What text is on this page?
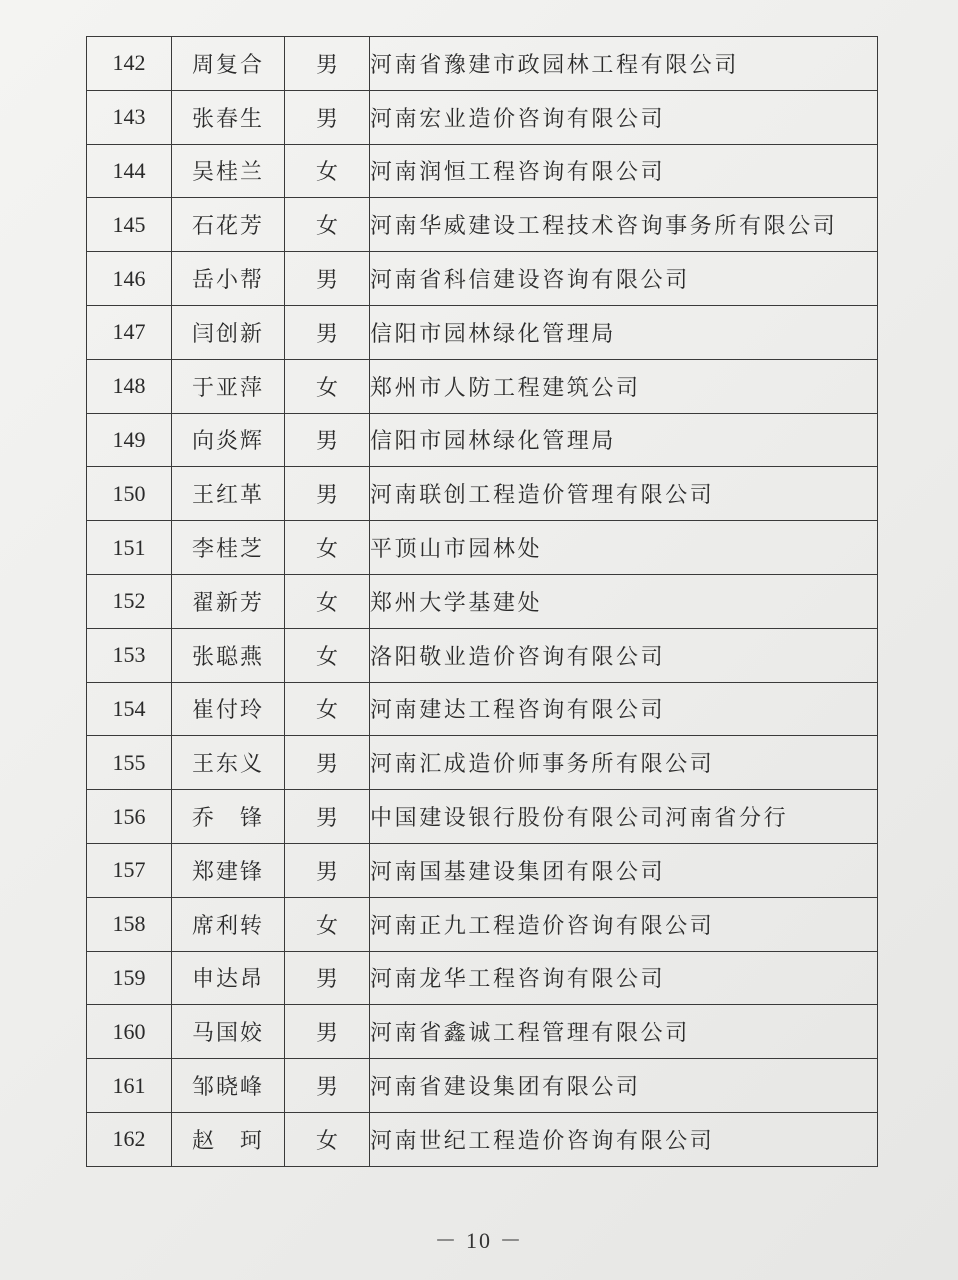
142	周复合	男	河南省豫建市政园林工程有限公司
143	张春生	男	河南宏业造价咨询有限公司
144	吴桂兰	女	河南润恒工程咨询有限公司
145	石花芳	女	河南华威建设工程技术咨询事务所有限公司
146	岳小帮	男	河南省科信建设咨询有限公司
147	闫创新	男	信阳市园林绿化管理局
148	于亚萍	女	郑州市人防工程建筑公司
149	向炎辉	男	信阳市园林绿化管理局
150	王红革	男	河南联创工程造价管理有限公司
151	李桂芝	女	平顶山市园林处
152	翟新芳	女	郑州大学基建处
153	张聪燕	女	洛阳敬业造价咨询有限公司
154	崔付玲	女	河南建达工程咨询有限公司
155	王东义	男	河南汇成造价师事务所有限公司
156	乔　锋	男	中国建设银行股份有限公司河南省分行
157	郑建锋	男	河南国基建设集团有限公司
158	席利转	女	河南正九工程造价咨询有限公司
159	申达昂	男	河南龙华工程咨询有限公司
160	马国姣	男	河南省鑫诚工程管理有限公司
161	邹晓峰	男	河南省建设集团有限公司
162	赵　珂	女	河南世纪工程造价咨询有限公司
－ 10 －
